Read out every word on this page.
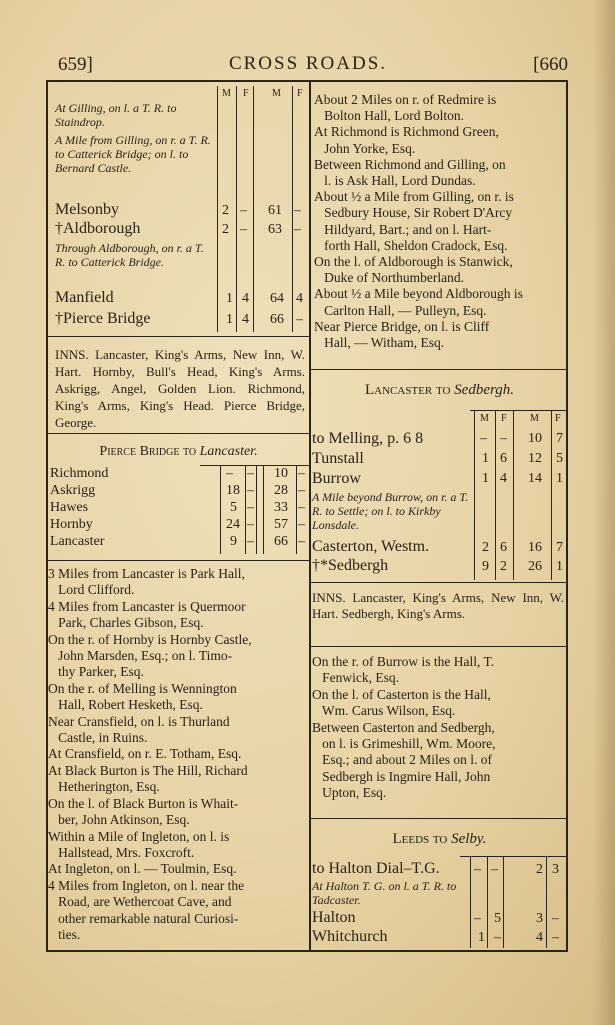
659]	CROSS ROADS.	[660
M F M F
At Gilling, on l. a T. R. to Staindrop.
A Mile from Gilling, on r. a T. R. to Catterick Bridge; on l. to Bernard Castle.
Melsonby	2 – 61 –
†Aldborough	2 – 63 –
Through Aldborough, on r. a T. R. to Catterick Bridge.
Manfield	1 4 64 4
†Pierce Bridge	1 4 66 –
INNS. Lancaster, King's Arms, New Inn, W. Hart. Hornby, Bull's Head, King's Arms. Askrigg, Angel, Golden Lion. Richmond, King's Arms, King's Head. Pierce Bridge, George.
Pierce Bridge to Lancaster.
Richmond	– – 10 –
Askrigg	18 – 28 –
Hawes	5 – 33 –
Hornby	24 – 57 –
Lancaster	9 – 66 –
3 Miles from Lancaster is Park Hall,
Lord Clifford.
4 Miles from Lancaster is Quermoor
Park, Charles Gibson, Esq.
On the r. of Hornby is Hornby Castle,
John Marsden, Esq.; on l. Timo-
thy Parker, Esq.
On the r. of Melling is Wennington
Hall, Robert Hesketh, Esq.
Near Cransfield, on l. is Thurland
Castle, in Ruins.
At Cransfield, on r. E. Totham, Esq.
At Black Burton is The Hill, Richard
Hetherington, Esq.
On the l. of Black Burton is Whait-
ber, John Atkinson, Esq.
Within a Mile of Ingleton, on l. is
Hallstead, Mrs. Foxcroft.
At Ingleton, on l. — Toulmin, Esq.
4 Miles from Ingleton, on l. near the
Road, are Wethercoat Cave, and
other remarkable natural Curiosi-
ties.
About 2 Miles on r. of Redmire is
Bolton Hall, Lord Bolton.
At Richmond is Richmond Green,
John Yorke, Esq.
Between Richmond and Gilling, on
l. is Ask Hall, Lord Dundas.
About ½ a Mile from Gilling, on r. is
Sedbury House, Sir Robert D'Arcy
Hildyard, Bart.; and on l. Hart-
forth Hall, Sheldon Cradock, Esq.
On the l. of Aldborough is Stanwick,
Duke of Northumberland.
About ½ a Mile beyond Aldborough is
Carlton Hall, — Pulleyn, Esq.
Near Pierce Bridge, on l. is Cliff
Hall, — Witham, Esq.
Lancaster to Sedbergh.
M F M F
to Melling, p. 6 8	– – 10 7
Tunstall	1 6 12 5
Burrow	1 4 14 1
A Mile beyond Burrow, on r. a T. R. to Settle; on l. to Kirkby Lonsdale.
Casterton, Westm.	2 6 16 7
†*Sedbergh	9 2 26 1
INNS. Lancaster, King's Arms, New Inn, W. Hart. Sedbergh, King's Arms.
On the r. of Burrow is the Hall, T.
Fenwick, Esq.
On the l. of Casterton is the Hall,
Wm. Carus Wilson, Esq.
Between Casterton and Sedbergh,
on l. is Grimeshill, Wm. Moore,
Esq.; and about 2 Miles on l. of
Sedbergh is Ingmire Hall, John
Upton, Esq.
Leeds to Selby.
to Halton Dial–T.G. – –	2 3
At Halton T. G. on l. a T. R. to Tadcaster.
Halton	– 5	3 –
Whitchurch	1 –	4 –
